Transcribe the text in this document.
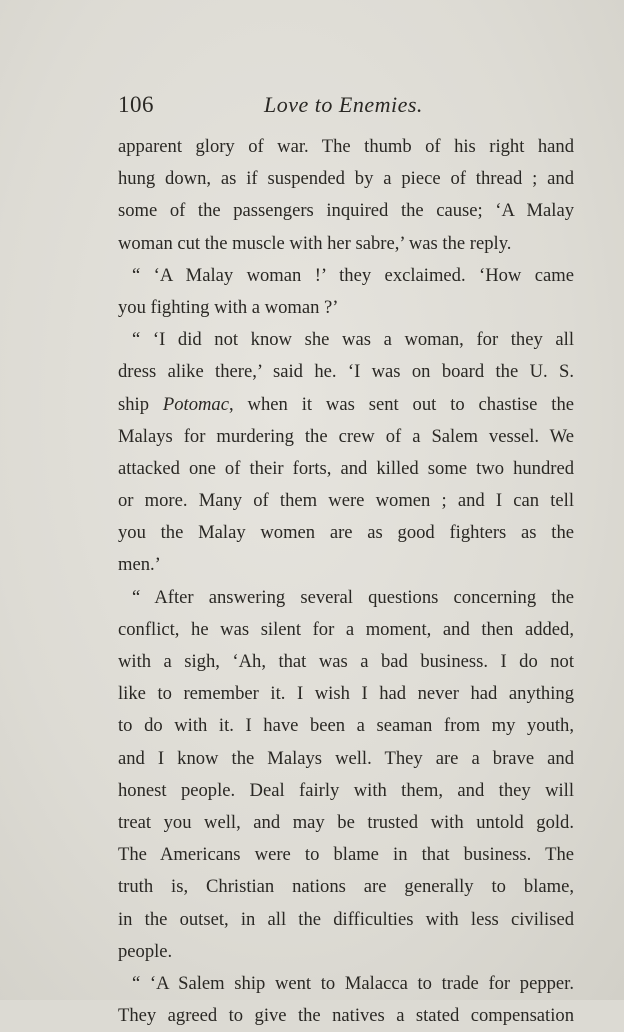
106	Love to Enemies.
apparent glory of war. The thumb of his right hand
hung down, as if suspended by a piece of thread ; and
some of the passengers inquired the cause; ‘A Malay
woman cut the muscle with her sabre,’ was the reply.
“ ‘A Malay woman !’ they exclaimed. ‘How came
you fighting with a woman ?’
“ ‘I did not know she was a woman, for they all
dress alike there,’ said he. ‘I was on board the U. S.
ship Potomac, when it was sent out to chastise the
Malays for murdering the crew of a Salem vessel. We
attacked one of their forts, and killed some two hundred
or more. Many of them were women ; and I can tell
you the Malay women are as good fighters as the
men.’
“ After answering several questions concerning the
conflict, he was silent for a moment, and then added,
with a sigh, ‘Ah, that was a bad business. I do not
like to remember it. I wish I had never had anything
to do with it. I have been a seaman from my youth,
and I know the Malays well. They are a brave and
honest people. Deal fairly with them, and they will
treat you well, and may be trusted with untold gold.
The Americans were to blame in that business. The
truth is, Christian nations are generally to blame,
in the outset, in all the difficulties with less civilised
people.
“ ‘A Salem ship went to Malacca to trade for pepper.
They agreed to give the natives a stated compensation
